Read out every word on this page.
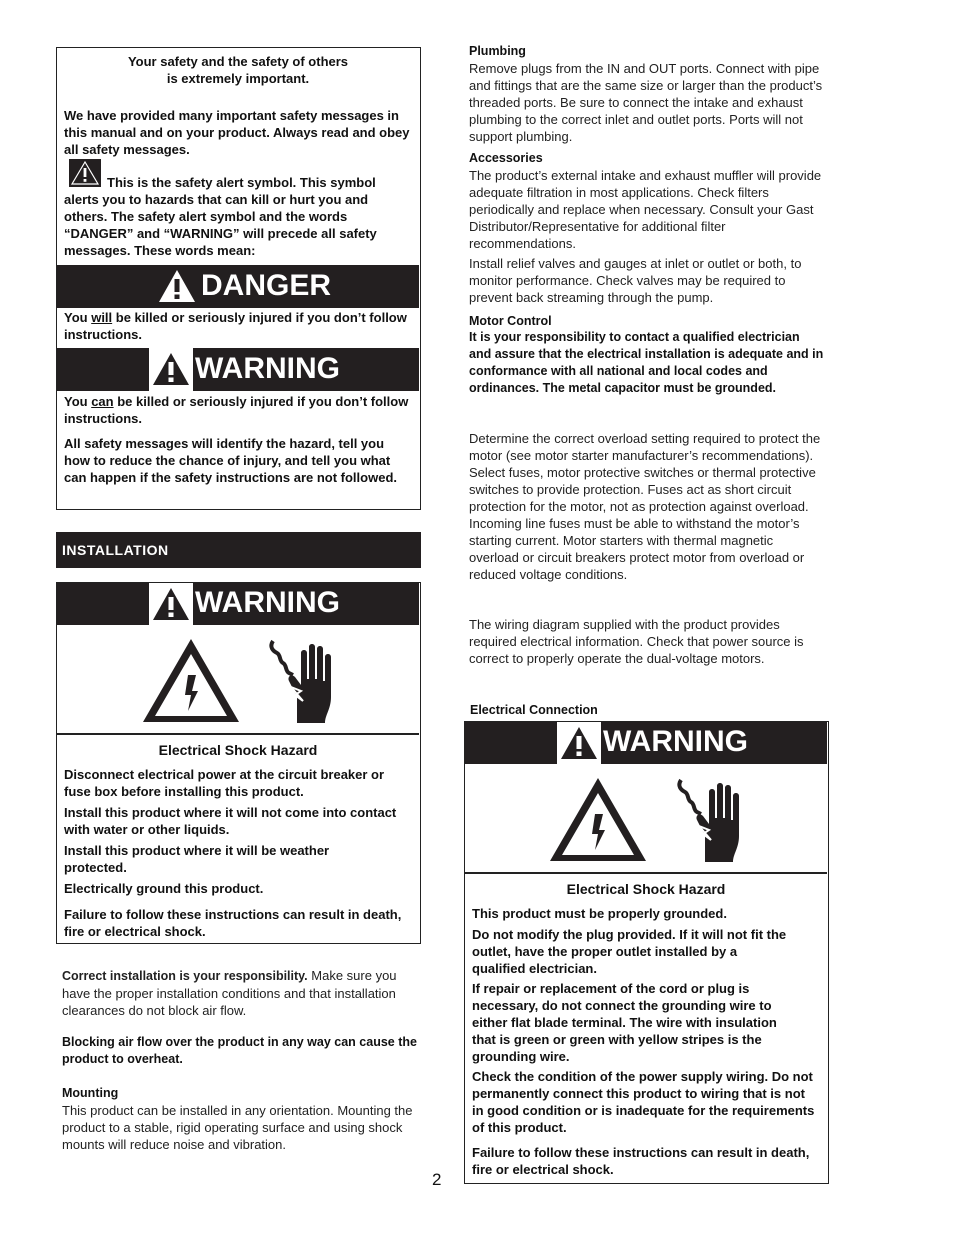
Your safety and the safety of others
is extremely important.

We have provided many important safety messages in this manual and on your product. Always read and obey all safety messages.

This is the safety alert symbol. This symbol alerts you to hazards that can kill or hurt you and others. The safety alert symbol and the words “DANGER” and “WARNING” will precede all safety messages. These words mean:

DANGER

You will be killed or seriously injured if you don’t follow instructions.

WARNING

You can be killed or seriously injured if you don’t follow instructions.

All safety messages will identify the hazard, tell you how to reduce the chance of injury, and tell you what can happen if the safety instructions are not followed.

INSTALLATION
WARNING
Electrical Shock Hazard

Disconnect electrical power at the circuit breaker or fuse box before installing this product.

Install this product where it will not come into contact with water or other liquids.

Install this product where it will be weather protected.

Electrically ground this product.

Failure to follow these instructions can result in death, fire or electrical shock.

Correct installation is your responsibility. Make sure you have the proper installation conditions and that installation clearances do not block air flow.

Blocking air flow over the product in any way can cause the product to overheat.

Mounting

This product can be installed in any orientation. Mounting the product to a stable, rigid operating surface and using shock mounts will reduce noise and vibration.

Plumbing

Remove plugs from the IN and OUT ports. Connect with pipe and fittings that are the same size or larger than the product’s threaded ports. Be sure to connect the intake and exhaust plumbing to the correct inlet and outlet ports. Ports will not support plumbing.

Accessories

The product’s external intake and exhaust muffler will provide adequate filtration in most applications. Check filters periodically and replace when necessary. Consult your Gast Distributor/Representative for additional filter recommendations.

Install relief valves and gauges at inlet or outlet or both, to monitor performance. Check valves may be required to prevent back streaming through the pump.

Motor Control

It is your responsibility to contact a qualified electrician and assure that the electrical installation is adequate and in conformance with all national and local codes and ordinances. The metal capacitor must be grounded.

Determine the correct overload setting required to protect the motor (see motor starter manufacturer’s recommendations). Select fuses, motor protective switches or thermal protective switches to provide protection. Fuses act as short circuit protection for the motor, not as protection against overload. Incoming line fuses must be able to withstand the motor’s starting current. Motor starters with thermal magnetic overload or circuit breakers protect motor from overload or reduced voltage conditions.

The wiring diagram supplied with the product provides required electrical information. Check that power source is correct to properly operate the dual-voltage motors.

Electrical Connection
WARNING
Electrical Shock Hazard

This product must be properly grounded.

Do not modify the plug provided. If it will not fit the outlet, have the proper outlet installed by a qualified electrician.

If repair or replacement of the cord or plug is necessary, do not connect the grounding wire to either flat blade terminal. The wire with insulation that is green or green with yellow stripes is the grounding wire.

Check the condition of the power supply wiring. Do not permanently connect this product to wiring that is not in good condition or is inadequate for the requirements of this product.

Failure to follow these instructions can result in death, fire or electrical shock.

2
